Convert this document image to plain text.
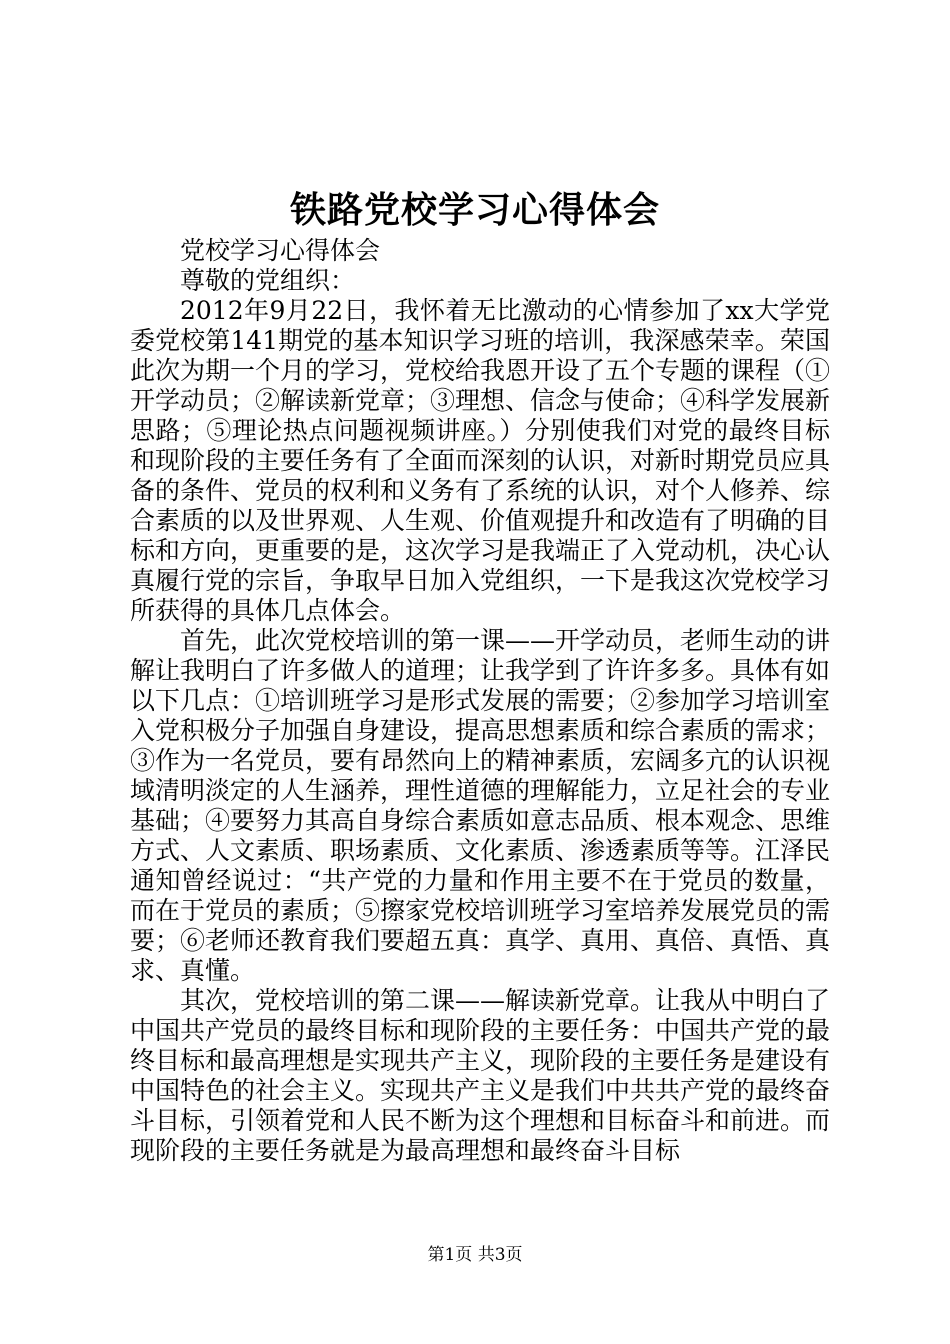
铁路党校学习心得体会

党校学习心得体会

尊敬的党组织：

2012年9月22日，我怀着无比激动的心情参加了xx大学党委党校第141期党的基本知识学习班的培训，我深感荣幸。荣国此次为期一个月的学习，党校给我恩开设了五个专题的课程（①开学动员；②解读新党章；③理想、信念与使命；④科学发展新思路；⑤理论热点问题视频讲座。）分别使我们对党的最终目标和现阶段的主要任务有了全面而深刻的认识，对新时期党员应具备的条件、党员的权利和义务有了系统的认识，对个人修养、综合素质的以及世界观、人生观、价值观提升和改造有了明确的目标和方向，更重要的是，这次学习是我端正了入党动机，决心认真履行党的宗旨，争取早日加入党组织，一下是我这次党校学习所获得的具体几点体会。

首先，此次党校培训的第一课——开学动员，老师生动的讲解让我明白了许多做人的道理；让我学到了许许多多。具体有如以下几点：①培训班学习是形式发展的需要；②参加学习培训室入党积极分子加强自身建设，提高思想素质和综合素质的需求；③作为一名党员，要有昂然向上的精神素质，宏阔多亢的认识视域清明淡定的人生涵养，理性道德的理解能力，立足社会的专业基础；④要努力其高自身综合素质如意志品质、根本观念、思维方式、人文素质、职场素质、文化素质、渗透素质等等。江泽民通知曾经说过：“共产党的力量和作用主要不在于党员的数量，而在于党员的素质；⑤擦家党校培训班学习室培养发展党员的需要；⑥老师还教育我们要超五真：真学、真用、真倍、真悟、真求、真懂。

其次，党校培训的第二课——解读新党章。让我从中明白了中国共产党员的最终目标和现阶段的主要任务：中国共产党的最终目标和最高理想是实现共产主义，现阶段的主要任务是建设有中国特色的社会主义。实现共产主义是我们中共共产党的最终奋斗目标，引领着党和人民不断为这个理想和目标奋斗和前进。而现阶段的主要任务就是为最高理想和最终奋斗目标

第1页 共3页
